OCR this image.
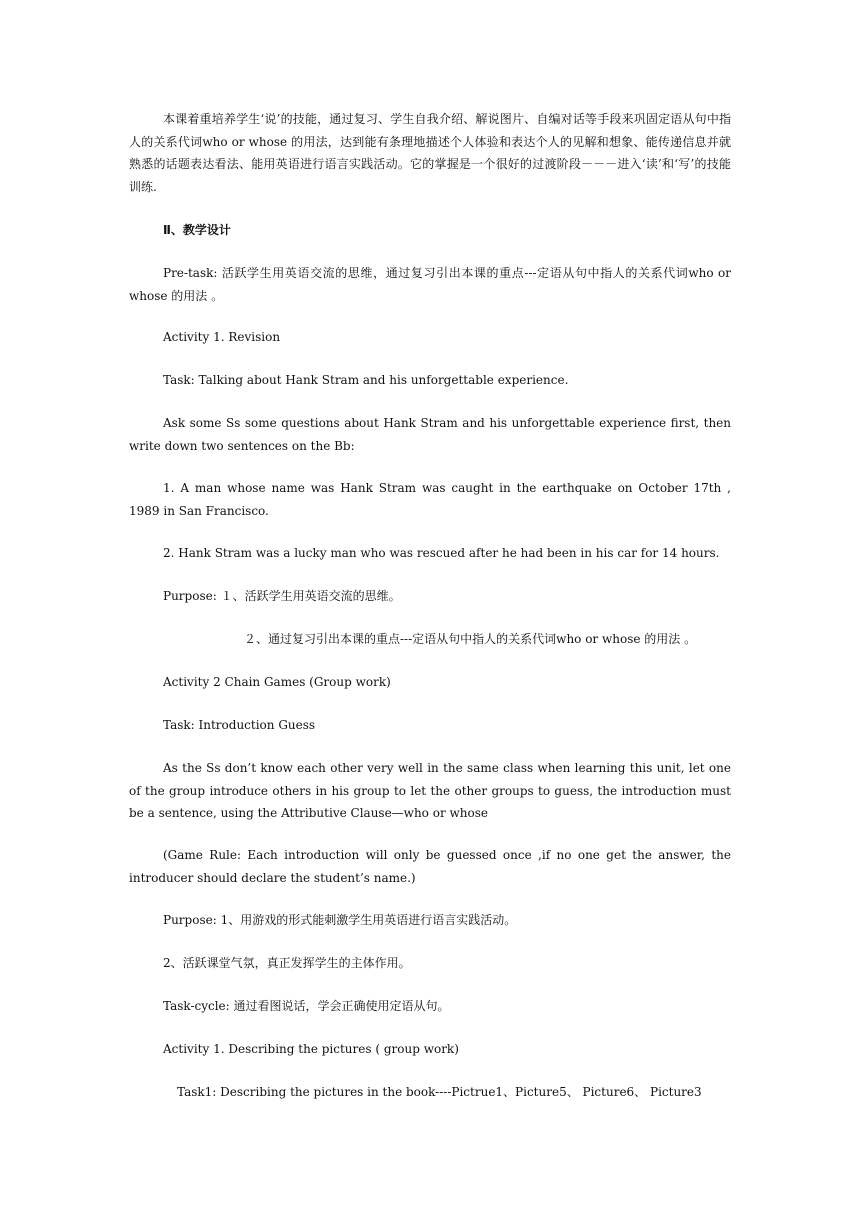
本课着重培养学生‘说’的技能，通过复习、学生自我介绍、解说图片、自编对话等手段来巩固定语从句中指人的关系代词who or whose 的用法，达到能有条理地描述个人体验和表达个人的见解和想象、能传递信息并就熟悉的话题表达看法、能用英语进行语言实践活动。它的掌握是一个很好的过渡阶段－－－进入‘读’和‘写’的技能训练.
Ⅱ、教学设计
Pre-task: 活跃学生用英语交流的思维，通过复习引出本课的重点---定语从句中指人的关系代词who or whose 的用法 。
Activity 1. Revision
Task: Talking about Hank Stram and his unforgettable experience.
Ask some Ss some questions about Hank Stram and his unforgettable experience first, then write down two sentences on the Bb:
1. A man whose name was Hank Stram was caught in the earthquake on October 17th , 1989 in San Francisco.
2. Hank Stram was a lucky man who was rescued after he had been in his car for 14 hours.
Purpose: １、活跃学生用英语交流的思维。
２、通过复习引出本课的重点---定语从句中指人的关系代词who or whose 的用法 。
Activity 2 Chain Games (Group work)
Task: Introduction Guess
As the Ss don’t know each other very well in the same class when learning this unit, let one of the group introduce others in his group to let the other groups to guess, the introduction must be a sentence, using the Attributive Clause—who or whose
(Game Rule: Each introduction will only be guessed once ,if no one get the answer, the introducer should declare the student’s name.)
Purpose: 1、用游戏的形式能刺激学生用英语进行语言实践活动。
2、活跃课堂气氛，真正发挥学生的主体作用。
Task-cycle: 通过看图说话，学会正确使用定语从句。
Activity 1. Describing the pictures ( group work)
Task1: Describing the pictures in the book----Pictrue1、Picture5、 Picture6、 Picture3
